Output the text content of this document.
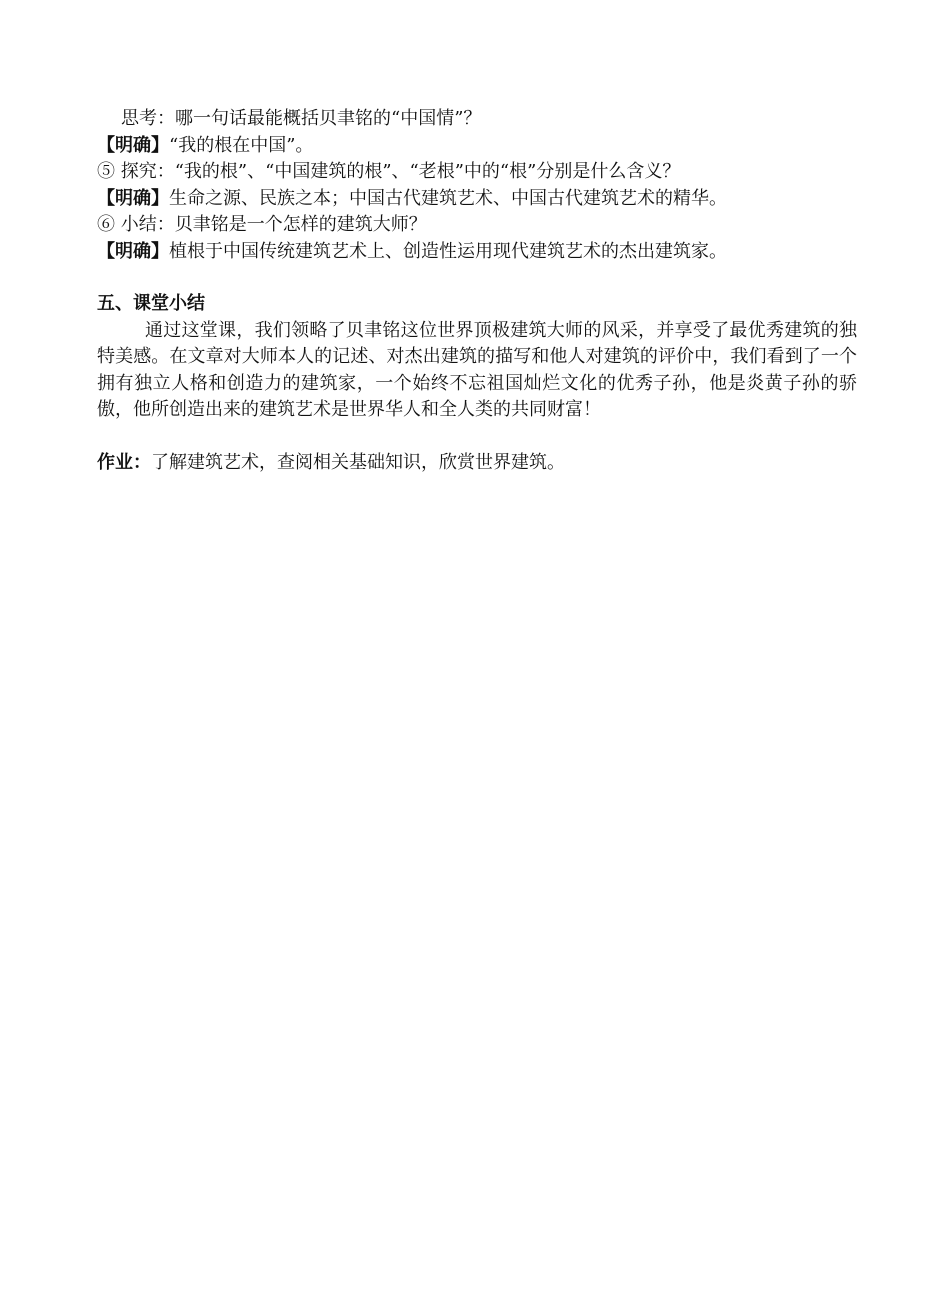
思考：哪一句话最能概括贝聿铭的“中国情”？

【明确】“我的根在中国”。

⑤ 探究：“我的根”、“中国建筑的根”、“老根”中的“根”分别是什么含义？

【明确】生命之源、民族之本；中国古代建筑艺术、中国古代建筑艺术的精华。

⑥ 小结：贝聿铭是一个怎样的建筑大师？

【明确】植根于中国传统建筑艺术上、创造性运用现代建筑艺术的杰出建筑家。

五、课堂小结

通过这堂课，我们领略了贝聿铭这位世界顶极建筑大师的风采，并享受了最优秀建筑的独特美感。在文章对大师本人的记述、对杰出建筑的描写和他人对建筑的评价中，我们看到了一个拥有独立人格和创造力的建筑家，一个始终不忘祖国灿烂文化的优秀子孙，他是炎黄子孙的骄傲，他所创造出来的建筑艺术是世界华人和全人类的共同财富！

作业：了解建筑艺术，查阅相关基础知识，欣赏世界建筑。
